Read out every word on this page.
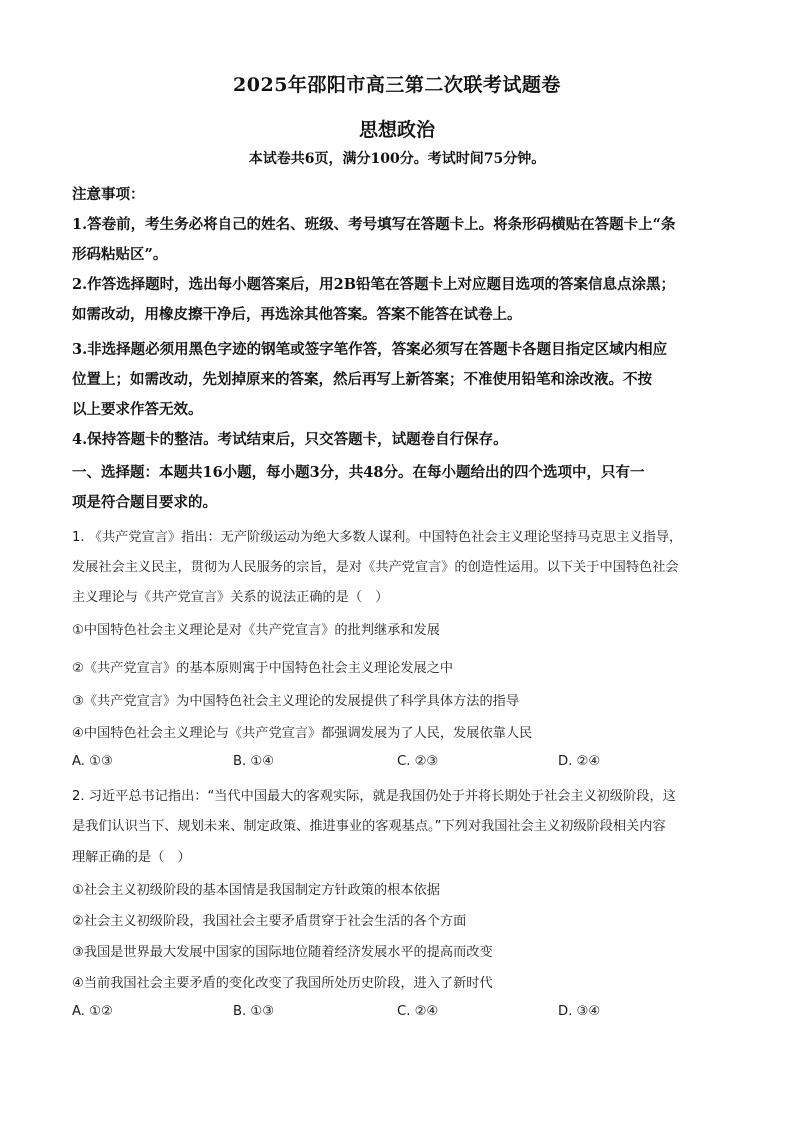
2025年邵阳市高三第二次联考试题卷
思想政治
本试卷共6页，满分100分。考试时间75分钟。
注意事项：
1.答卷前，考生务必将自己的姓名、班级、考号填写在答题卡上。将条形码横贴在答题卡上“条
形码粘贴区”。
2.作答选择题时，选出每小题答案后，用2B铅笔在答题卡上对应题目选项的答案信息点涂黑；
如需改动，用橡皮擦干净后，再选涂其他答案。答案不能答在试卷上。
3.非选择题必须用黑色字迹的钢笔或签字笔作答，答案必须写在答题卡各题目指定区域内相应
位置上；如需改动，先划掉原来的答案，然后再写上新答案；不准使用铅笔和涂改液。不按
以上要求作答无效。
4.保持答题卡的整洁。考试结束后，只交答题卡，试题卷自行保存。
一、选择题：本题共16小题，每小题3分，共48分。在每小题给出的四个选项中，只有一
项是符合题目要求的。
1. 《共产党宣言》指出：无产阶级运动为绝大多数人谋利。中国特色社会主义理论坚持马克思主义指导，
发展社会主义民主，贯彻为人民服务的宗旨，是对《共产党宣言》的创造性运用。以下关于中国特色社会
主义理论与《共产党宣言》关系的说法正确的是（　）
①中国特色社会主义理论是对《共产党宣言》的批判继承和发展
②《共产党宣言》的基本原则寓于中国特色社会主义理论发展之中
③《共产党宣言》为中国特色社会主义理论的发展提供了科学具体方法的指导
④中国特色社会主义理论与《共产党宣言》都强调发展为了人民，发展依靠人民
A. ①③	B. ①④	C. ②③	D. ②④
2. 习近平总书记指出：“当代中国最大的客观实际，就是我国仍处于并将长期处于社会主义初级阶段，这
是我们认识当下、规划未来、制定政策、推进事业的客观基点。”下列对我国社会主义初级阶段相关内容
理解正确的是（　）
①社会主义初级阶段的基本国情是我国制定方针政策的根本依据
②社会主义初级阶段，我国社会主要矛盾贯穿于社会生活的各个方面
③我国是世界最大发展中国家的国际地位随着经济发展水平的提高而改变
④当前我国社会主要矛盾的变化改变了我国所处历史阶段，进入了新时代
A. ①②	B. ①③	C. ②④	D. ③④
